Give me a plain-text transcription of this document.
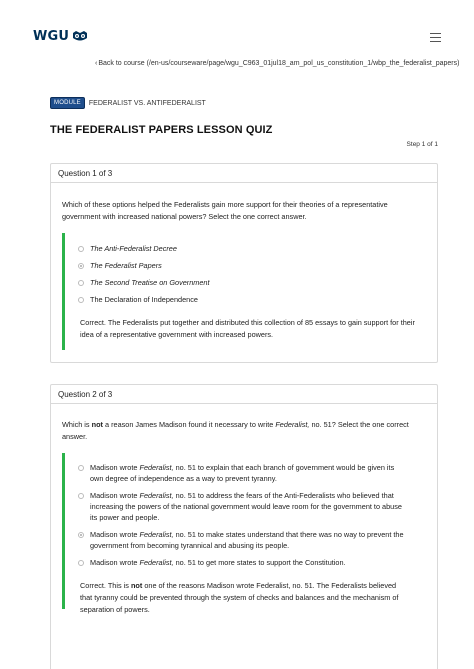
WGU
‹Back to course (/en-us/courseware/page/wgu_C963_01jul18_am_pol_us_constitution_1/wbp_the_federalist_papers)
MODULE	FEDERALIST VS. ANTIFEDERALIST
THE FEDERALIST PAPERS LESSON QUIZ
Step 1 of 1
Question 1 of 3
Which of these options helped the Federalists gain more support for their theories of a representative government with increased national powers? Select the one correct answer.
The Anti-Federalist Decree
The Federalist Papers
The Second Treatise on Government
The Declaration of Independence
Correct. The Federalists put together and distributed this collection of 85 essays to gain support for their idea of a representative government with increased powers.
Question 2 of 3
Which is not a reason James Madison found it necessary to write Federalist, no. 51? Select the one correct answer.
Madison wrote Federalist, no. 51 to explain that each branch of government would be given its own degree of independence as a way to prevent tyranny.
Madison wrote Federalist, no. 51 to address the fears of the Anti-Federalists who believed that increasing the powers of the national government would leave room for the government to abuse its power and people.
Madison wrote Federalist, no. 51 to make states understand that there was no way to prevent the government from becoming tyrannical and abusing its people.
Madison wrote Federalist, no. 51 to get more states to support the Constitution.
Correct. This is not one of the reasons Madison wrote Federalist, no. 51. The Federalists believed that tyranny could be prevented through the system of checks and balances and the mechanism of separation of powers.
